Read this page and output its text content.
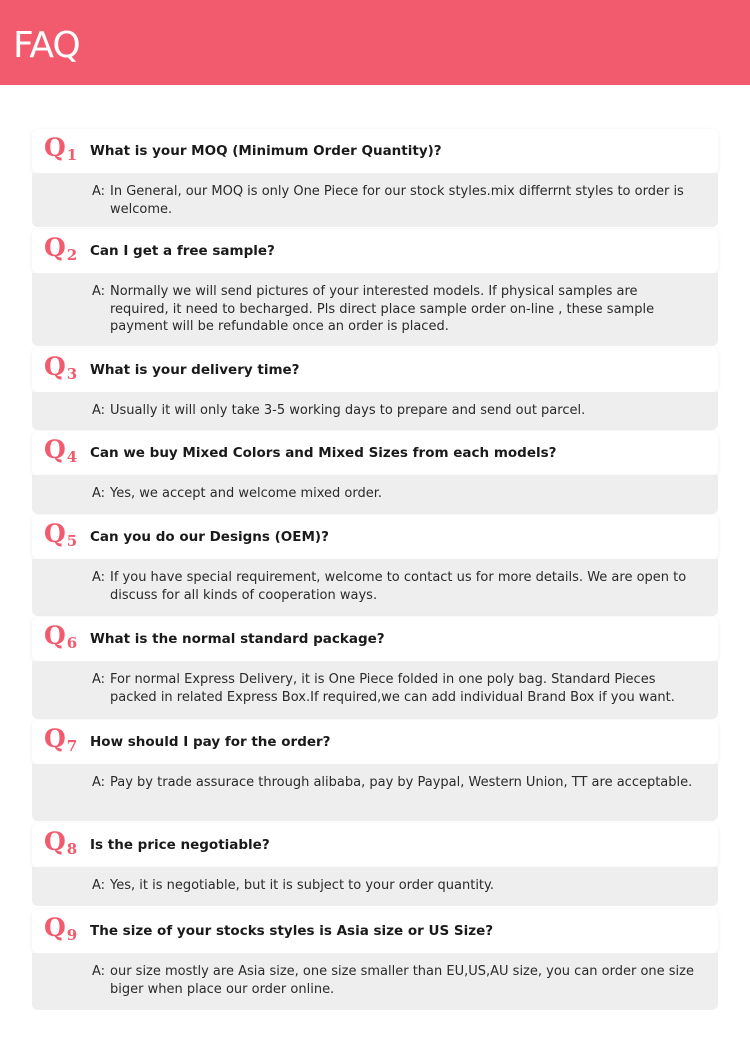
FAQ
Q1 What is your MOQ (Minimum Order Quantity)?
A: In General, our MOQ is only One Piece for our stock styles.mix differrnt styles to order is welcome.
Q2 Can I get a free sample?
A: Normally we will send pictures of your interested models. If physical samples are required, it need to becharged. Pls direct place sample order on-line , these sample payment will be refundable once an order is placed.
Q3 What is your delivery time?
A: Usually it will only take 3-5 working days to prepare and send out parcel.
Q4 Can we buy Mixed Colors and Mixed Sizes from each models?
A: Yes, we accept and welcome mixed order.
Q5 Can you do our Designs (OEM)?
A: If you have special requirement, welcome to contact us for more details. We are open to discuss for all kinds of cooperation ways.
Q6 What is the normal standard package?
A: For normal Express Delivery, it is One Piece folded in one poly bag. Standard Pieces packed in related Express Box.If required,we can add individual Brand Box if you want.
Q7 How should I pay for the order?
A: Pay by trade assurace through alibaba, pay by Paypal, Western Union, TT are acceptable.
Q8 Is the price negotiable?
A: Yes, it is negotiable, but it is subject to your order quantity.
Q9 The size of your stocks styles is Asia size or US Size?
A: our size mostly are Asia size, one size smaller than EU,US,AU size, you can order one size biger when place our order online.
